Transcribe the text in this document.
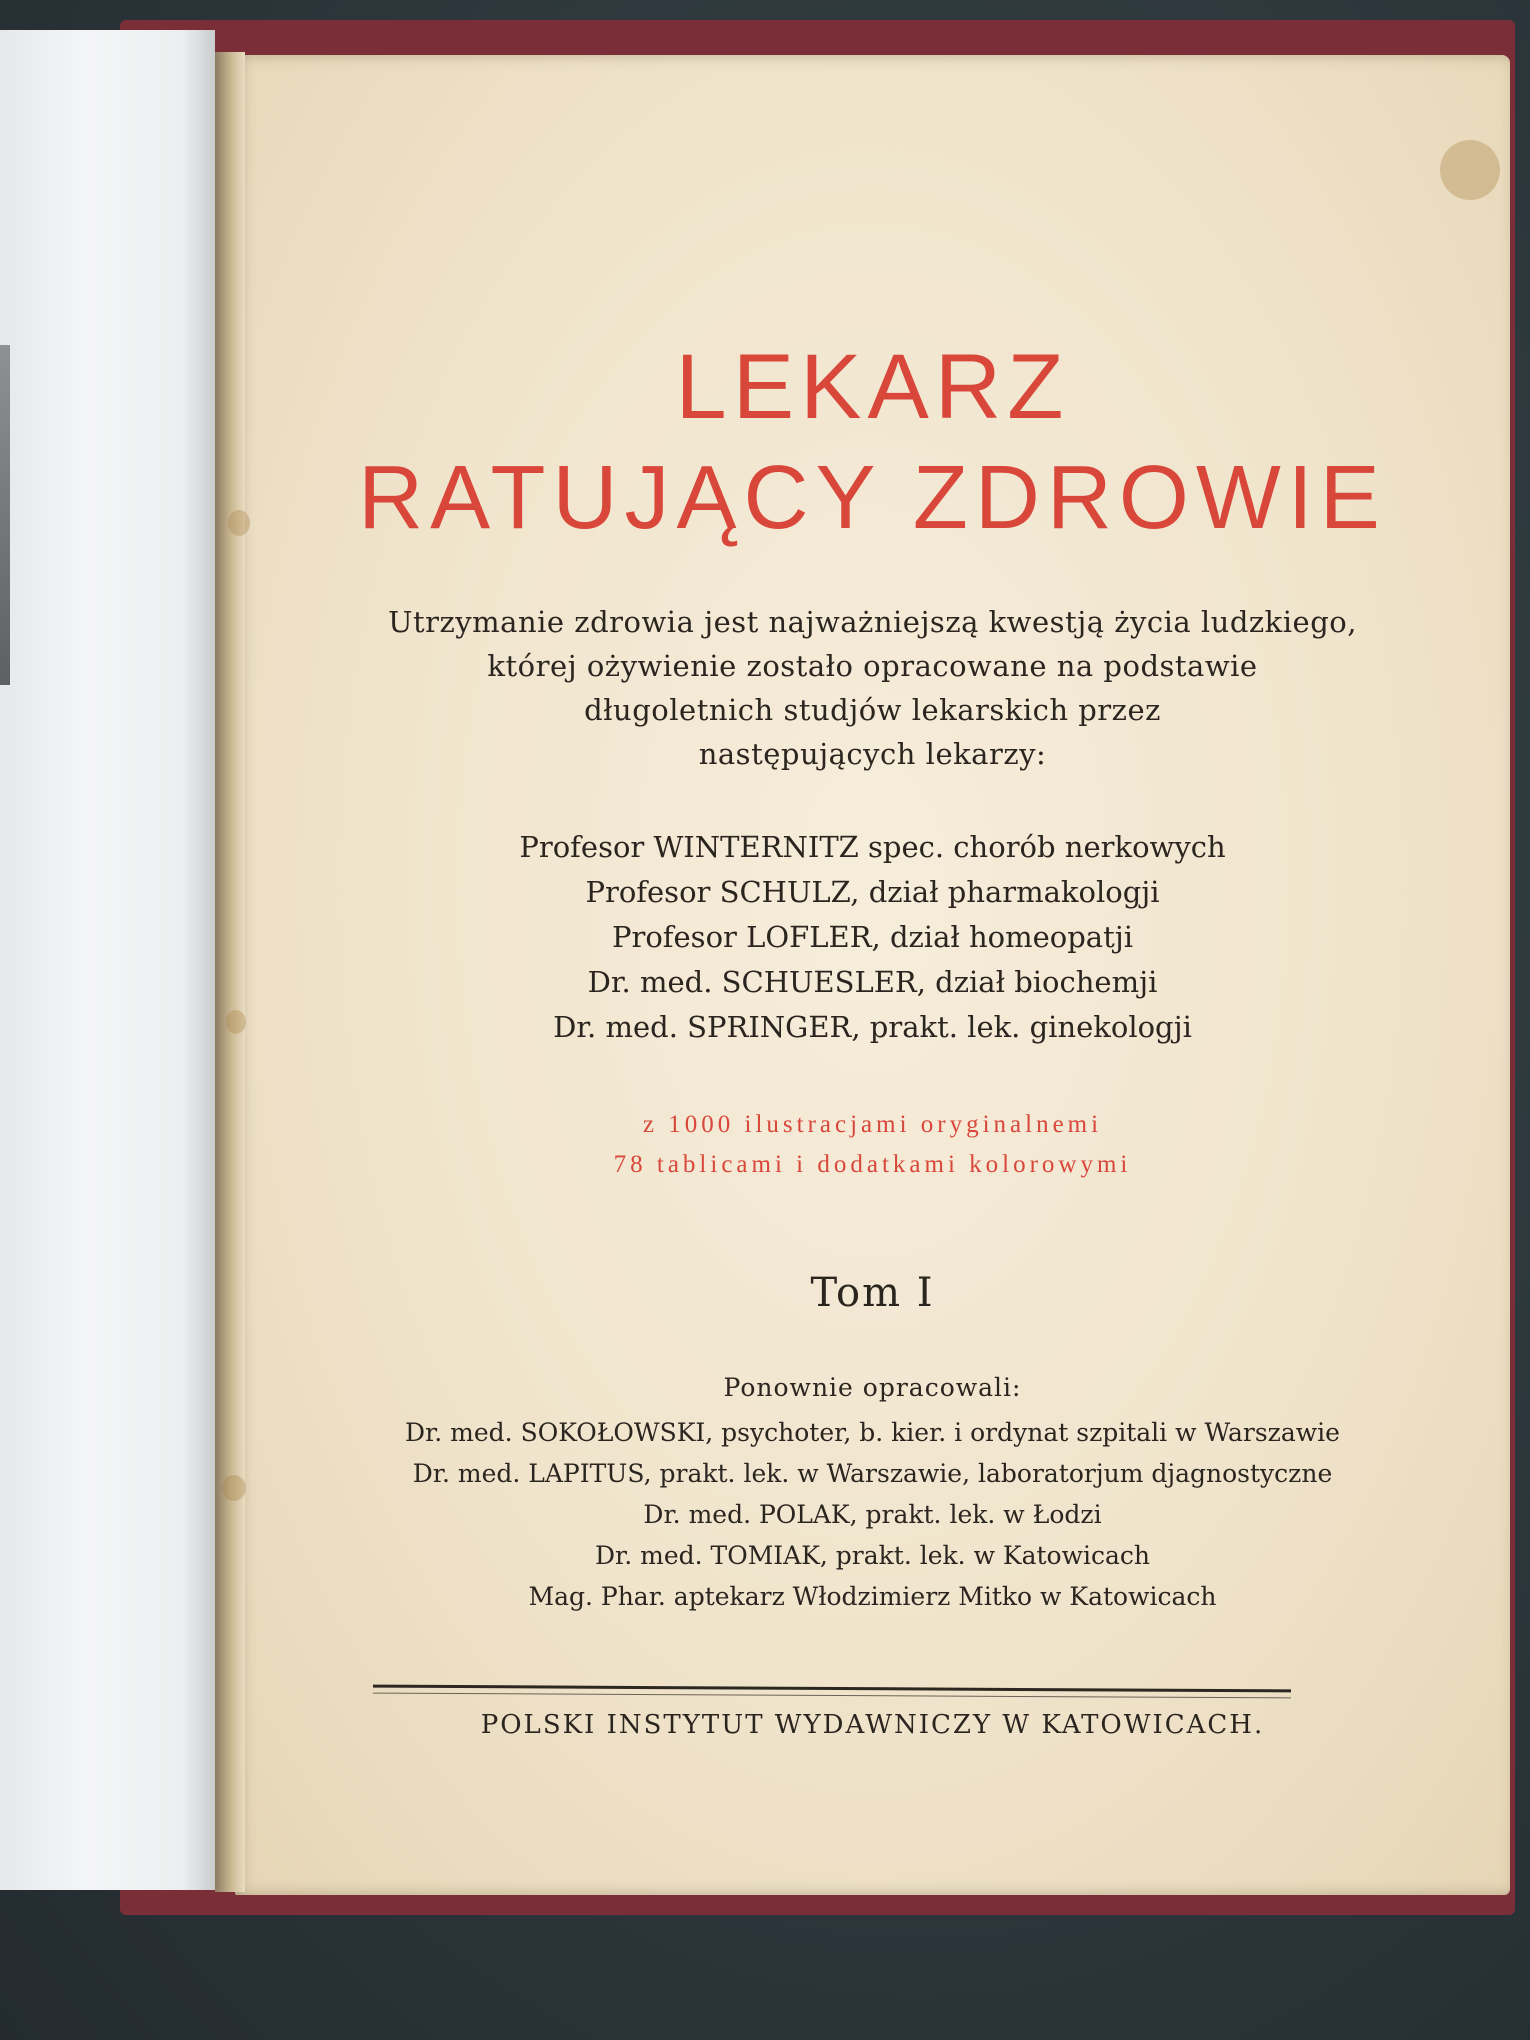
LEKARZ
RATUJĄCY ZDROWIE
Utrzymanie zdrowia jest najważniejszą kwestją życia ludzkiego,
której ożywienie zostało opracowane na podstawie
długoletnich studjów lekarskich przez
następujących lekarzy:
Profesor WINTERNITZ spec. chorób nerkowych
Profesor SCHULZ, dział pharmakologji
Profesor LOFLER, dział homeopatji
Dr. med. SCHUESLER, dział biochemji
Dr. med. SPRINGER, prakt. lek. ginekologji
z 1000 ilustracjami oryginalnemi
78 tablicami i dodatkami kolorowymi
Tom I
Ponownie opracowali:
Dr. med. SOKOŁOWSKI, psychoter, b. kier. i ordynat szpitali w Warszawie
Dr. med. LAPITUS, prakt. lek. w Warszawie, laboratorjum djagnostyczne
Dr. med. POLAK, prakt. lek. w Łodzi
Dr. med. TOMIAK, prakt. lek. w Katowicach
Mag. Phar. aptekarz Włodzimierz Mitko w Katowicach
POLSKI INSTYTUT WYDAWNICZY W KATOWICACH.
